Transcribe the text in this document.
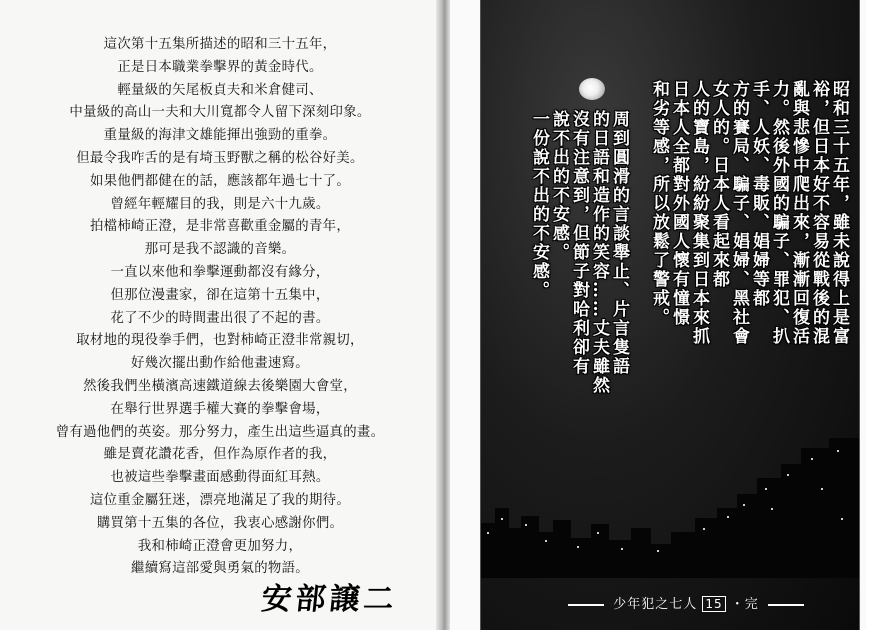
這次第十五集所描述的昭和三十五年，
正是日本職業拳擊界的黃金時代。
輕量級的矢尾板貞夫和米倉健司、
中量級的高山一夫和大川寬都令人留下深刻印象。
重量級的海津文雄能揮出強勁的重拳。
但最令我咋舌的是有埼玉野獸之稱的松谷好美。
如果他們都健在的話，應該都年過七十了。
曾經年輕耀目的我，則是六十九歲。
拍檔柿崎正澄，是非常喜歡重金屬的青年，
那可是我不認識的音樂。
一直以來他和拳擊運動都沒有緣分，
但那位漫畫家，卻在這第十五集中，
花了不少的時間畫出很了不起的書。
取材地的現役拳手們，也對柿崎正澄非常親切，
好幾次擺出動作給他畫速寫。
然後我們坐橫濱高速鐵道線去後樂園大會堂，
在舉行世界選手權大賽的拳擊會場，
曾有過他們的英姿。那分努力，產生出這些逼真的畫。
雖是賣花讚花香，但作為原作者的我，
也被這些拳擊畫面感動得面紅耳熱。
這位重金屬狂迷，漂亮地滿足了我的期待。
購買第十五集的各位，我衷心感謝你們。
我和柿崎正澄會更加努力，
繼續寫這部愛與勇氣的物語。
安部譲二
昭和三十五年，雖未說得上是富
裕，但日本好不容易從戰後的混
亂與悲慘中爬出來，漸漸回復活
力。然後外國的騙子、罪犯、扒
手、人妖、毒販、娼婦等都
方的賽局、騙子、娼婦、黑社會
女人的。日本人看起來都
人的寶島，紛紛聚集到日本來抓
日本人全都對外國人懷有憧憬
和劣等感，所以放鬆了警戒。
周到圓滑的言談舉止、片言隻語
的日語和造作的笑容……丈夫雖然
沒有注意到，但節子對哈利卻有
說不出的不安感。
一份說不出的不安感。
少年犯之七人 15 ・完
